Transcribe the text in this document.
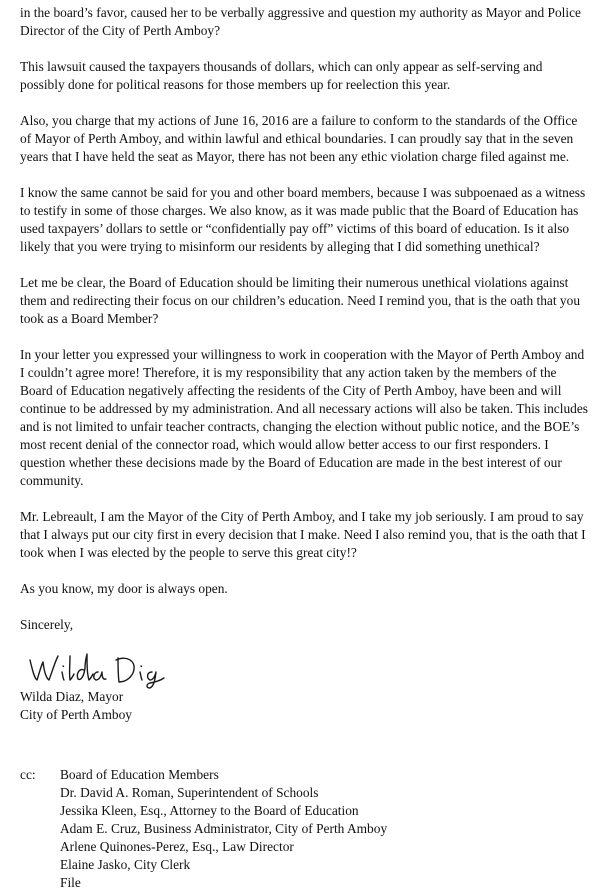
in the board’s favor, caused her to be verbally aggressive and question my authority as Mayor and Police Director of the City of Perth Amboy?

This lawsuit caused the taxpayers thousands of dollars, which can only appear as self-serving and possibly done for political reasons for those members up for reelection this year.

Also, you charge that my actions of June 16, 2016 are a failure to conform to the standards of the Office of Mayor of Perth Amboy, and within lawful and ethical boundaries. I can proudly say that in the seven years that I have held the seat as Mayor, there has not been any ethic violation charge filed against me.

I know the same cannot be said for you and other board members, because I was subpoenaed as a witness to testify in some of those charges. We also know, as it was made public that the Board of Education has used taxpayers’ dollars to settle or “confidentially pay off” victims of this board of education. Is it also likely that you were trying to misinform our residents by alleging that I did something unethical?

Let me be clear, the Board of Education should be limiting their numerous unethical violations against them and redirecting their focus on our children’s education. Need I remind you, that is the oath that you took as a Board Member?

In your letter you expressed your willingness to work in cooperation with the Mayor of Perth Amboy and I couldn’t agree more! Therefore, it is my responsibility that any action taken by the members of the Board of Education negatively affecting the residents of the City of Perth Amboy, have been and will continue to be addressed by my administration. And all necessary actions will also be taken. This includes and is not limited to unfair teacher contracts, changing the election without public notice, and the BOE’s most recent denial of the connector road, which would allow better access to our first responders. I question whether these decisions made by the Board of Education are made in the best interest of our community.

Mr. Lebreault, I am the Mayor of the City of Perth Amboy, and I take my job seriously. I am proud to say that I always put our city first in every decision that I make. Need I also remind you, that is the oath that I took when I was elected by the people to serve this great city!?

As you know, my door is always open.

Sincerely,

Wilda Diaz, Mayor
City of Perth Amboy
cc:	Board of Education Members
Dr. David A. Roman, Superintendent of Schools
Jessika Kleen, Esq., Attorney to the Board of Education
Adam E. Cruz, Business Administrator, City of Perth Amboy
Arlene Quinones-Perez, Esq., Law Director
Elaine Jasko, City Clerk
File
